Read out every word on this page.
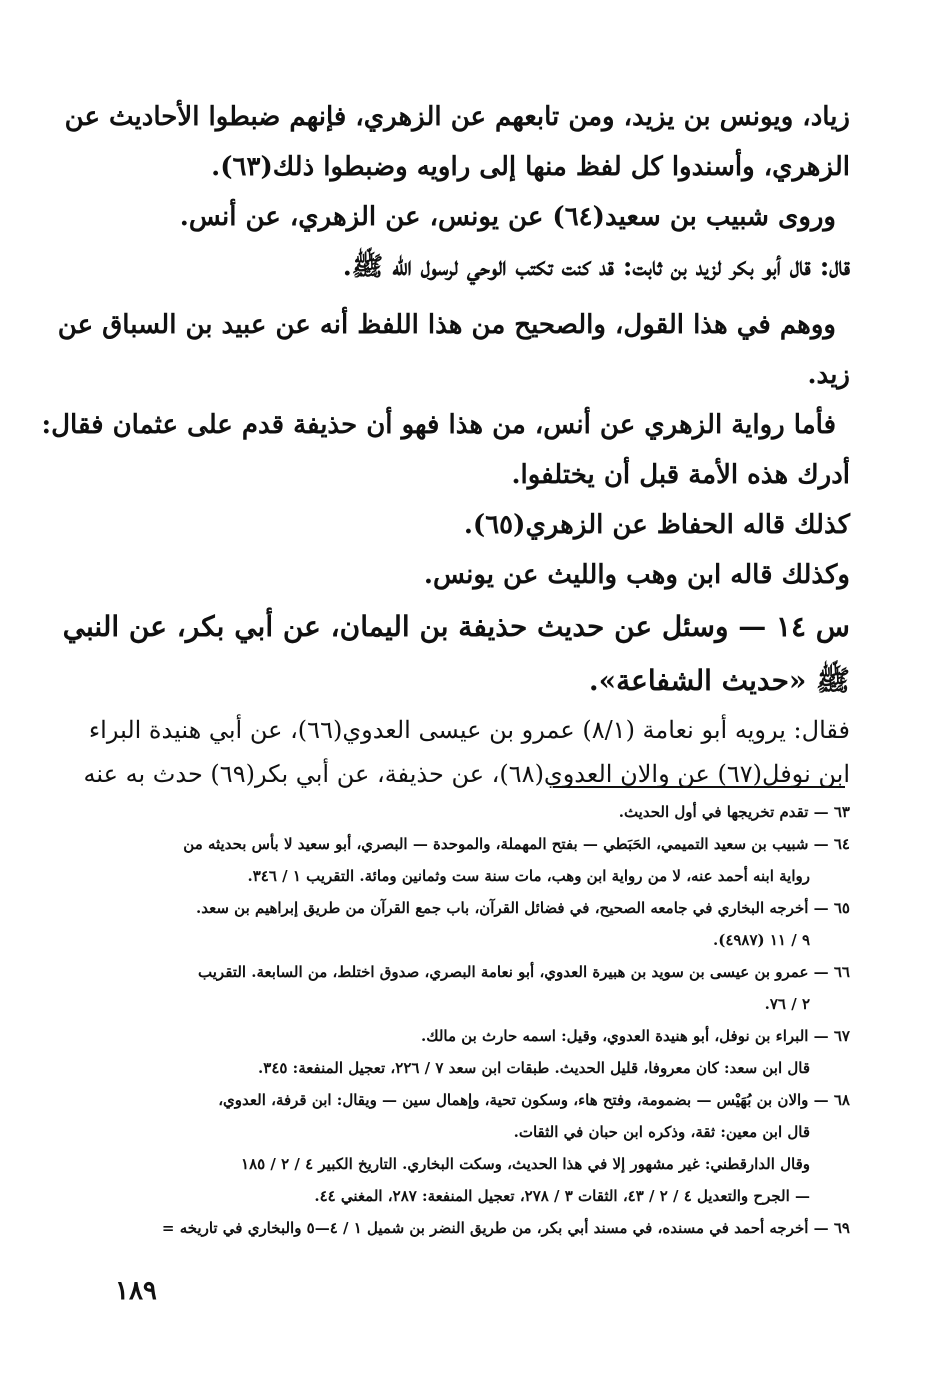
زياد، ويونس بن يزيد، ومن تابعهم عن الزهري، فإنهم ضبطوا الأحاديث عن
الزهري، وأسندوا كل لفظ منها إلى راويه وضبطوا ذلك(٦٣).
وروى شبيب بن سعيد(٦٤) عن يونس، عن الزهري، عن أنس.
قال: قال أبو بكر لزيد بن ثابت: قد كنت تكتب الوحي لرسول الله ﷺ.
ووهم في هذا القول، والصحيح من هذا اللفظ أنه عن عبيد بن السباق عن
زيد.
فأما رواية الزهري عن أنس، من هذا فهو أن حذيفة قدم على عثمان فقال:
أدرك هذه الأمة قبل أن يختلفوا.
كذلك قاله الحفاظ عن الزهري(٦٥).
وكذلك قاله ابن وهب والليث عن يونس.
س ١٤ — وسئل عن حديث حذيفة بن اليمان، عن أبي بكر، عن النبي
ﷺ «حديث الشفاعة».
فقال: يرويه أبو نعامة (٨/١) عمرو بن عيسى العدوي(٦٦)، عن أبي هنيدة البراء
ابن نوفل(٦٧) عن والان العدوي(٦٨)، عن حذيفة، عن أبي بكر(٦٩) حدث به عنه
٦٣ — تقدم تخريجها في أول الحديث.
٦٤ — شبيب بن سعيد التميمي، الحَبَطي — بفتح المهملة، والموحدة — البصري، أبو سعيد لا بأس بحديثه من
رواية ابنه أحمد عنه، لا من رواية ابن وهب، مات سنة ست وثمانين ومائة. التقريب ١ / ٣٤٦.
٦٥ — أخرجه البخاري في جامعه الصحيح، في فضائل القرآن، باب جمع القرآن من طريق إبراهيم بن سعد.
٩ / ١١ (٤٩٨٧).
٦٦ — عمرو بن عيسى بن سويد بن هبيرة العدوي، أبو نعامة البصري، صدوق اختلط، من السابعة. التقريب
٢ / ٧٦.
٦٧ — البراء بن نوفل، أبو هنيدة العدوي، وقيل: اسمه حارث بن مالك.
قال ابن سعد: كان معروفا، قليل الحديث. طبقات ابن سعد ٧ / ٢٢٦، تعجيل المنفعة: ٣٤٥.
٦٨ — والان بن بُهَيْس — بضمومة، وفتح هاء، وسكون تحية، وإهمال سين — ويقال: ابن قرفة، العدوي،
قال ابن معين: ثقة، وذكره ابن حبان في الثقات.
وقال الدارقطني: غير مشهور إلا في هذا الحديث، وسكت البخاري. التاريخ الكبير ٤ / ٢ / ١٨٥
— الجرح والتعديل ٤ / ٢ / ٤٣، الثقات ٣ / ٢٧٨، تعجيل المنفعة: ٢٨٧، المغني ٤٤.
٦٩ — أخرجه أحمد في مسنده، في مسند أبي بكر، من طريق النضر بن شميل ١ / ٤—٥ والبخاري في تاريخه =
١٨٩
